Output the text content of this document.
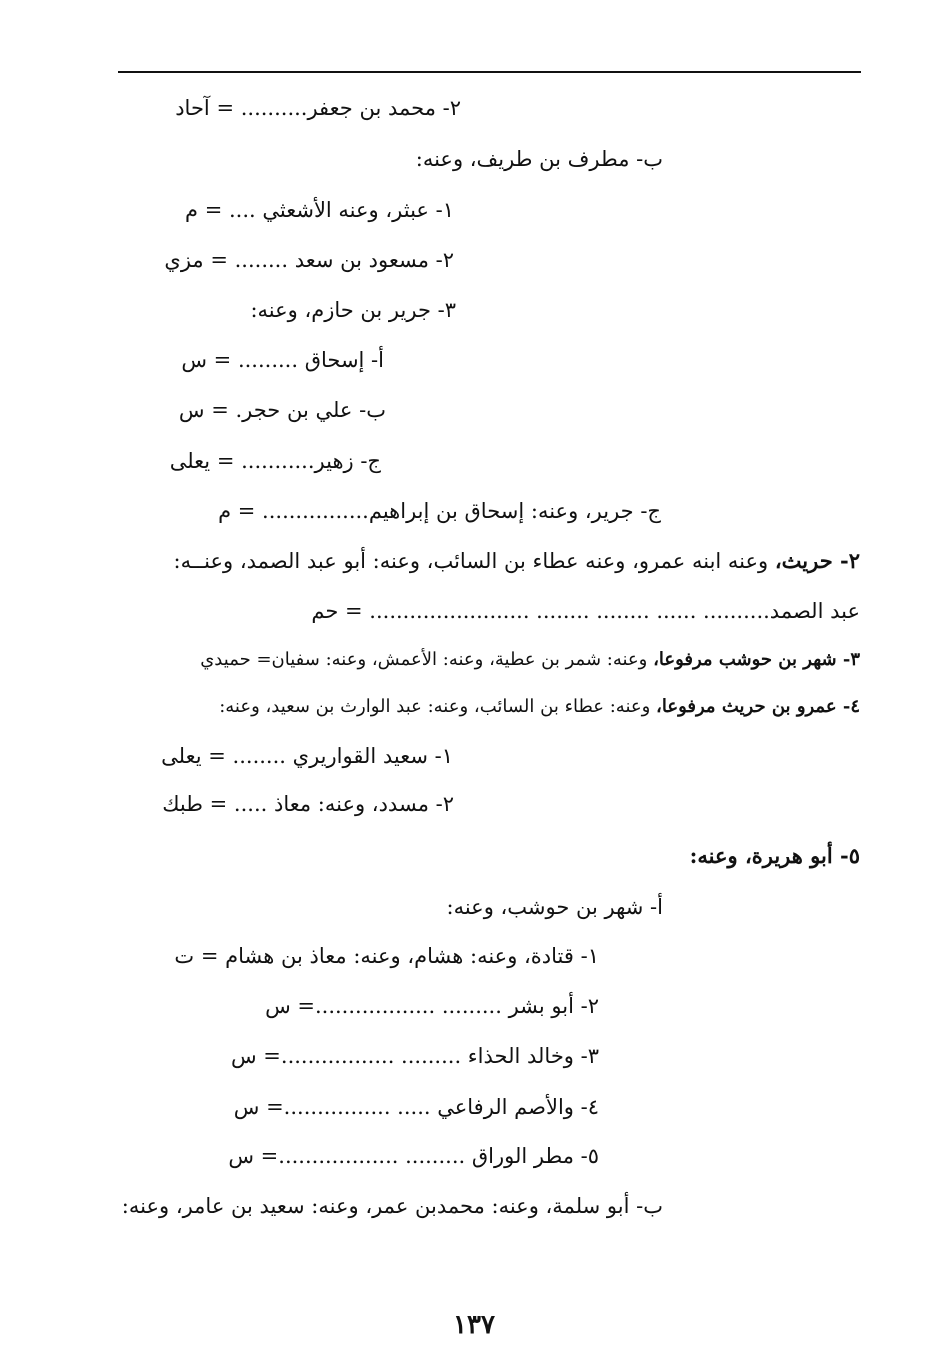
٢- محمد بن جعفر.......... = آحاد
ب- مطرف بن طريف، وعنه:
١- عبثر، وعنه الأشعثي .... = م
٢- مسعود بن سعد ........ = مزي
٣- جرير بن حازم، وعنه:
أ- إسحاق ......... = س
ب- علي بن حجر. = س
ج- زهير........... = يعلى
ج- جرير، وعنه: إسحاق بن إبراهيم................ = م
٢- حريث، وعنه ابنه عمرو، وعنه عطاء بن السائب، وعنه: أبو عبد الصمد، وعنــه:
عبد الصمد.......... ...... ........ ........ ........................ = حم
٣- شهر بن حوشب مرفوعا، وعنه: شمر بن عطية، وعنه: الأعمش، وعنه: سفيان= حميدي
٤- عمرو بن حريث مرفوعا، وعنه: عطاء بن السائب، وعنه: عبد الوارث بن سعيد، وعنه:
١- سعيد القواريري ........ = يعلى
٢- مسدد، وعنه: معاذ ..... = طبك
٥- أبو هريرة، وعنه:
أ- شهر بن حوشب، وعنه:
١- قتادة، وعنه: هشام، وعنه: معاذ بن هشام = ت
٢- أبو بشر ......... ..................= س
٣- وخالد الحذاء ......... .................= س
٤- والأصم الرفاعي ..... ................= س
٥- مطر الوراق ......... ..................= س
ب- أبو سلمة، وعنه: محمدبن عمر، وعنه: سعيد بن عامر، وعنه:
١٣٧
